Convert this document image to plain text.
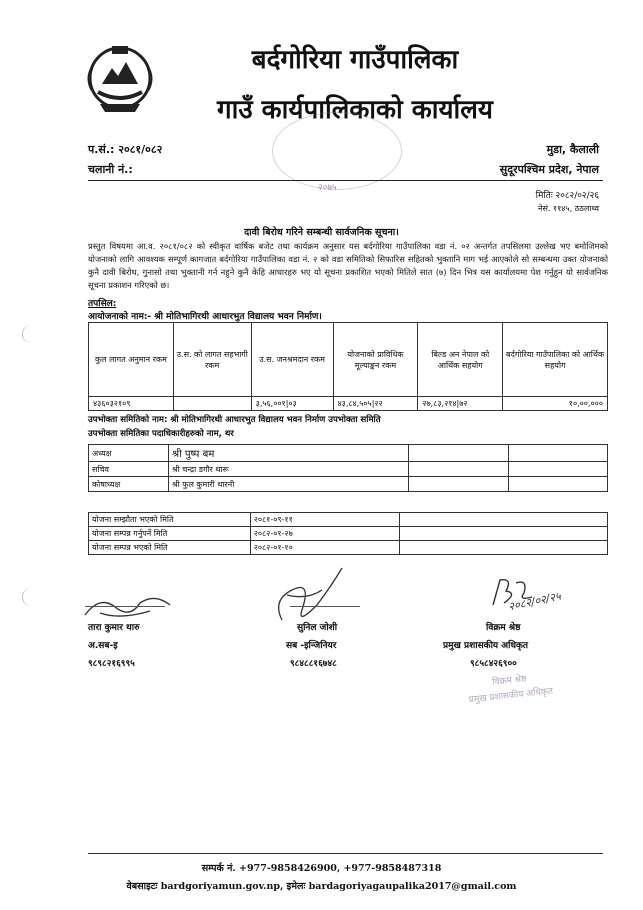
बर्दगोरिया गाउँपालिका
गाउँ कार्यपालिकाको कार्यालय
२०७५
प.सं.: २०८१/०८२
चलानी नं.:
मुडा, कैलाली
सुदूरपश्चिम प्रदेश, नेपाल
मितिः २०८२/०२/२६
नेसं. ११४५, ठठलाथ्व
दावी बिरोध गरिने सम्बन्धी सार्वजनिक सूचना।
प्रस्तुत विषयमा आ.व. २०८१/०८२ को स्वीकृत वार्षिक बजेट तथा कार्यक्रम अनुसार यस बर्दगोरिया गाउँपालिका वडा नं. ०२ अन्तर्गत तपसिलमा उल्लेख भए बमोजिमको योजनाको लागि आवश्यक सम्पूर्ण कागजात बर्दगोरिया गाउँपालिका वडा नं. २ को वडा समितिको सिफारिस सहितको भुक्तानि माग भई आएकोले सो सम्बन्धमा उक्त योजनाको कुनै दावी बिरोध, गुनासो तथा भुक्तानी गर्न नहुने कुनै केहि आधारहरु भए यो सूचना प्रकाशित भएको मितिले सात (७) दिन भित्र यस कार्यालयमा पेश गर्नुहुन यो सार्वजनिक सूचना प्रकाशन गरिएको छ।
तपसिल:
आयोजनाको नाम:- श्री मोतिभागिरथी आधारभुत विद्यालय भवन निर्माण।
कुल लागत अनुमान रकम	उ.स. को लागत सहभागी रकम	उ.स. जनश्रमदान रकम	योजनाको प्राविधिक मूल्याङ्कन रकम	बिल्ड अन नेपाल को आर्थिक सहयोग	बर्दगोरिया गाउँपालिका को आर्थिक सहयोग
४३६०३२१०९		३,५६,००१|०३	४३,८४,५०५|२२	२७,८३,२१४|७२	१०,००,०००
उपभोक्ता समितिको नाम: श्री मोतिभागिरथी आधारभुत विद्यालय भवन निर्माण उपभोक्ता समिति
उपभोक्ता समितिका पदाधिकारीहरुको नाम, थर
अध्यक्ष	श्री पुष्प बम		
सचिव	श्री चन्द्रा डगौर थारू		
कोषाध्यक्ष	श्री फुल कुमारी थारनी		
योजना सम्झौता भएको मिति	२०८१-०९-११	
योजना सम्पन्न गर्नुपर्ने मिति	२०८२-०१-२७	
योजना सम्पन्न भएको मिति	२०८२-०१-१०	
२०८२/०२/२५
तारा कुमार थारु
अ.सब-इ
९८९८२१६९९५
सुनिल जोशी
सब -इन्जिनियर
९८४८८१६७४८
विक्रम श्रेष्ठ
प्रमुख प्रशासकीय अधिकृत
९८५८४२६९००
विक्रम श्रेष्ठ
प्रमुख प्रशासकीय अधिकृत
सम्पर्क नं. +977-9858426900, +977-9858487318
वेबसाइटः bardgoriyamun.gov.np, इमेलः bardagoriyagaupalika2017@gmail.com
